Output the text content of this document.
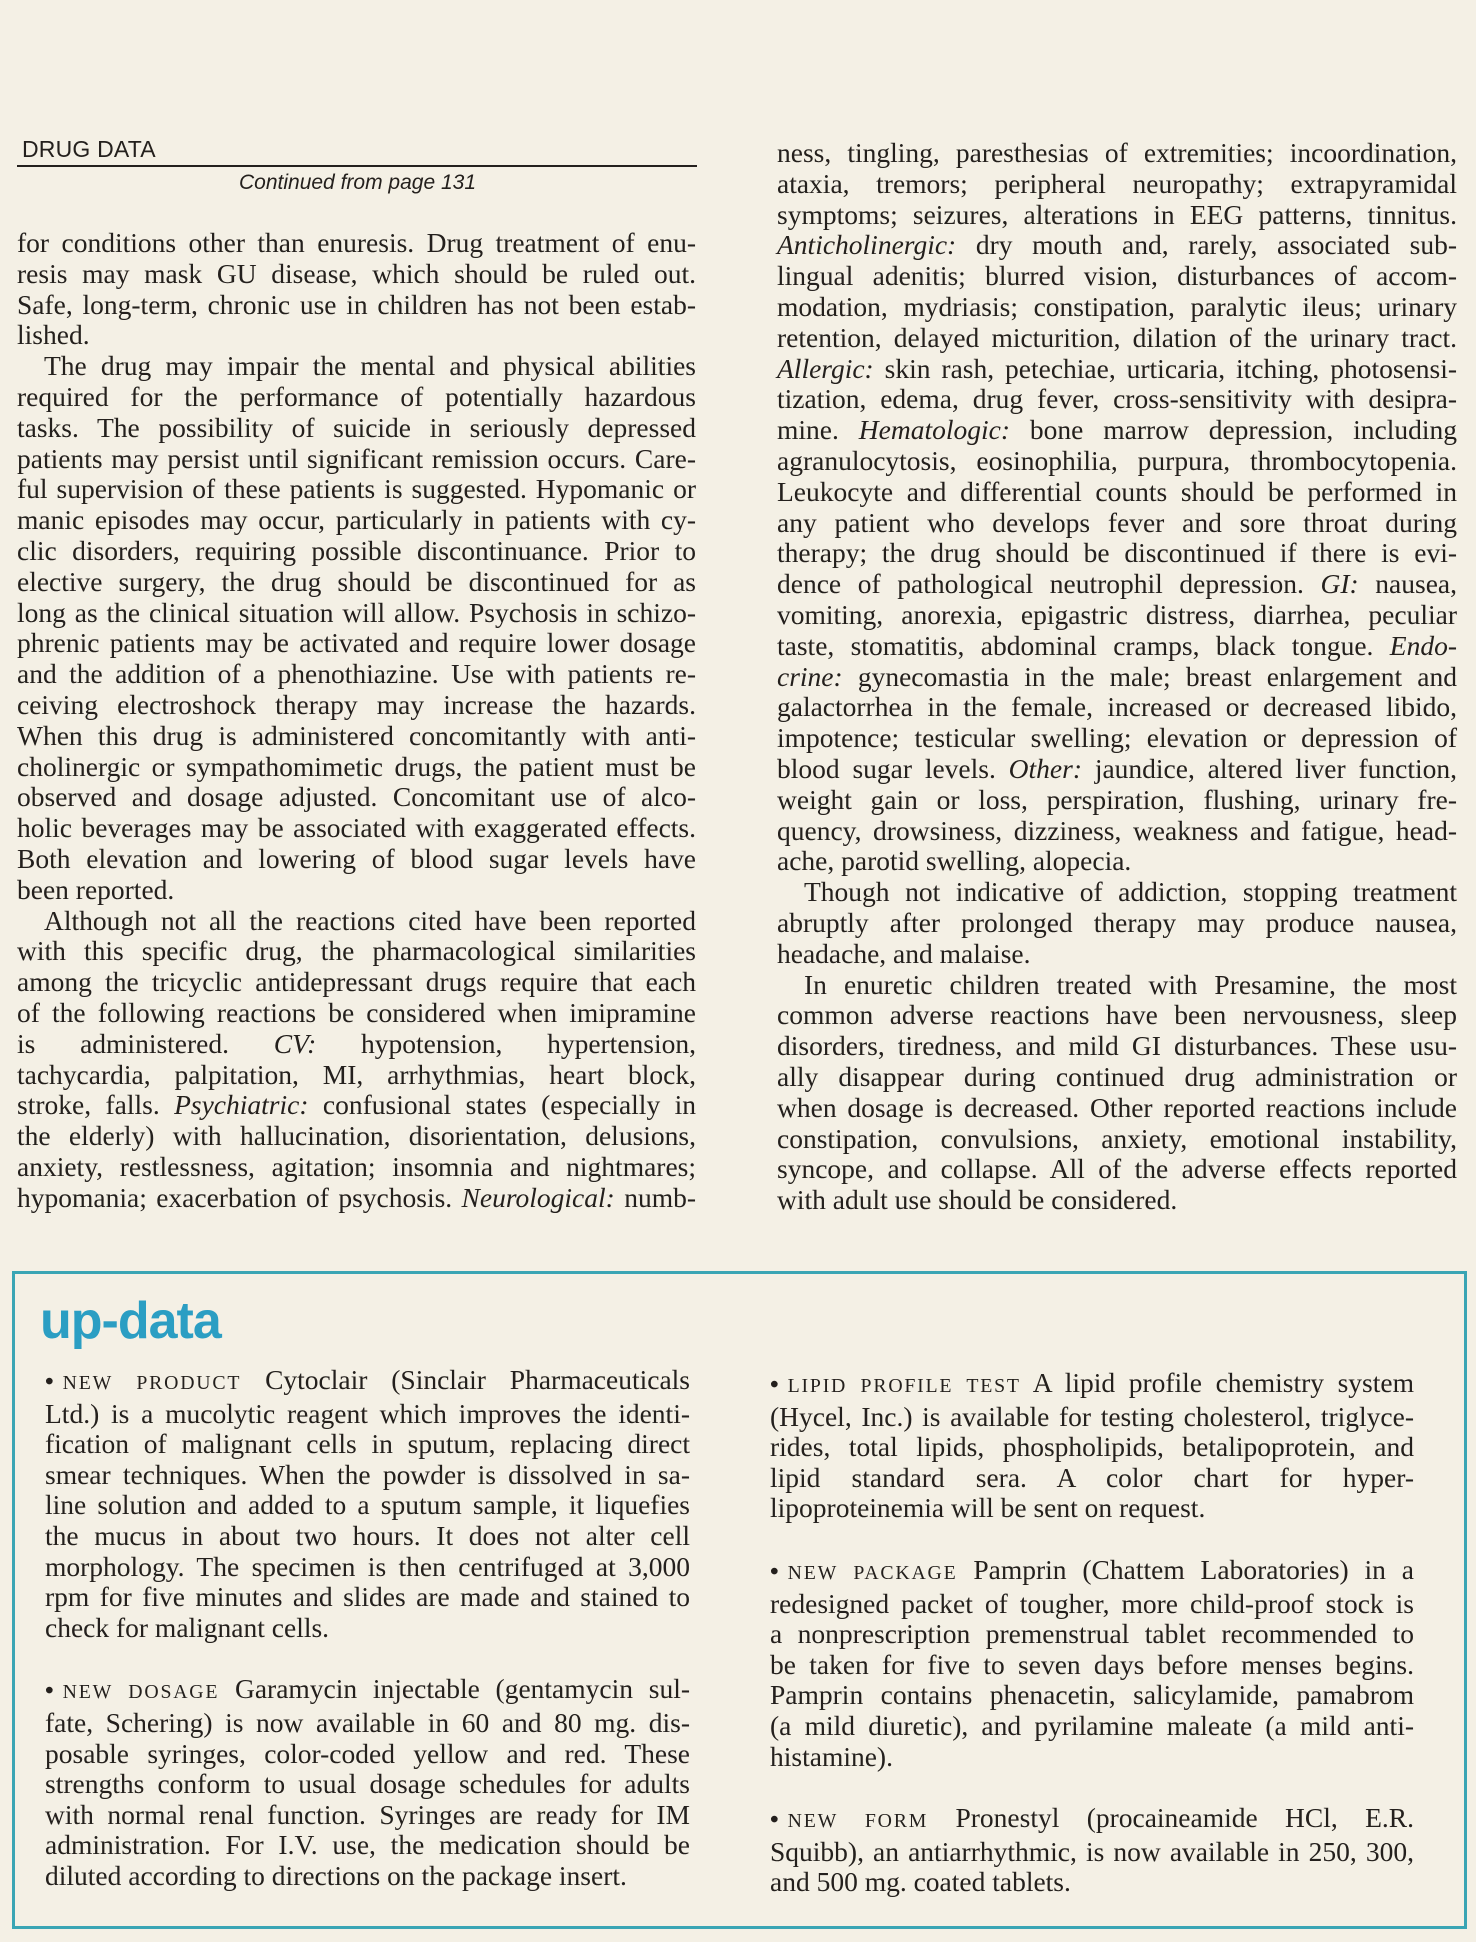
DRUG DATA
Continued from page 131
for conditions other than enuresis. Drug treatment of enu-
resis may mask GU disease, which should be ruled out.
Safe, long-term, chronic use in children has not been estab-
lished.
The drug may impair the mental and physical abilities
required for the performance of potentially hazardous
tasks. The possibility of suicide in seriously depressed
patients may persist until significant remission occurs. Care-
ful supervision of these patients is suggested. Hypomanic or
manic episodes may occur, particularly in patients with cy-
clic disorders, requiring possible discontinuance. Prior to
elective surgery, the drug should be discontinued for as
long as the clinical situation will allow. Psychosis in schizo-
phrenic patients may be activated and require lower dosage
and the addition of a phenothiazine. Use with patients re-
ceiving electroshock therapy may increase the hazards.
When this drug is administered concomitantly with anti-
cholinergic or sympathomimetic drugs, the patient must be
observed and dosage adjusted. Concomitant use of alco-
holic beverages may be associated with exaggerated effects.
Both elevation and lowering of blood sugar levels have
been reported.
Although not all the reactions cited have been reported
with this specific drug, the pharmacological similarities
among the tricyclic antidepressant drugs require that each
of the following reactions be considered when imipramine
is administered. CV: hypotension, hypertension,
tachycardia, palpitation, MI, arrhythmias, heart block,
stroke, falls. Psychiatric: confusional states (especially in
the elderly) with hallucination, disorientation, delusions,
anxiety, restlessness, agitation; insomnia and nightmares;
hypomania; exacerbation of psychosis. Neurological: numb-
ness, tingling, paresthesias of extremities; incoordination,
ataxia, tremors; peripheral neuropathy; extrapyramidal
symptoms; seizures, alterations in EEG patterns, tinnitus.
Anticholinergic: dry mouth and, rarely, associated sub-
lingual adenitis; blurred vision, disturbances of accom-
modation, mydriasis; constipation, paralytic ileus; urinary
retention, delayed micturition, dilation of the urinary tract.
Allergic: skin rash, petechiae, urticaria, itching, photosensi-
tization, edema, drug fever, cross-sensitivity with desipra-
mine. Hematologic: bone marrow depression, including
agranulocytosis, eosinophilia, purpura, thrombocytopenia.
Leukocyte and differential counts should be performed in
any patient who develops fever and sore throat during
therapy; the drug should be discontinued if there is evi-
dence of pathological neutrophil depression. GI: nausea,
vomiting, anorexia, epigastric distress, diarrhea, peculiar
taste, stomatitis, abdominal cramps, black tongue. Endo-
crine: gynecomastia in the male; breast enlargement and
galactorrhea in the female, increased or decreased libido,
impotence; testicular swelling; elevation or depression of
blood sugar levels. Other: jaundice, altered liver function,
weight gain or loss, perspiration, flushing, urinary fre-
quency, drowsiness, dizziness, weakness and fatigue, head-
ache, parotid swelling, alopecia.
Though not indicative of addiction, stopping treatment
abruptly after prolonged therapy may produce nausea,
headache, and malaise.
In enuretic children treated with Presamine, the most
common adverse reactions have been nervousness, sleep
disorders, tiredness, and mild GI disturbances. These usu-
ally disappear during continued drug administration or
when dosage is decreased. Other reported reactions include
constipation, convulsions, anxiety, emotional instability,
syncope, and collapse. All of the adverse effects reported
with adult use should be considered.
up-data
• NEW PRODUCT Cytoclair (Sinclair Pharmaceuticals
Ltd.) is a mucolytic reagent which improves the identi-
fication of malignant cells in sputum, replacing direct
smear techniques. When the powder is dissolved in sa-
line solution and added to a sputum sample, it liquefies
the mucus in about two hours. It does not alter cell
morphology. The specimen is then centrifuged at 3,000
rpm for five minutes and slides are made and stained to
check for malignant cells.
• NEW DOSAGE Garamycin injectable (gentamycin sul-
fate, Schering) is now available in 60 and 80 mg. dis-
posable syringes, color-coded yellow and red. These
strengths conform to usual dosage schedules for adults
with normal renal function. Syringes are ready for IM
administration. For I.V. use, the medication should be
diluted according to directions on the package insert.
• LIPID PROFILE TEST A lipid profile chemistry system
(Hycel, Inc.) is available for testing cholesterol, triglyce-
rides, total lipids, phospholipids, betalipoprotein, and
lipid standard sera. A color chart for hyper-
lipoproteinemia will be sent on request.
• NEW PACKAGE Pamprin (Chattem Laboratories) in a
redesigned packet of tougher, more child-proof stock is
a nonprescription premenstrual tablet recommended to
be taken for five to seven days before menses begins.
Pamprin contains phenacetin, salicylamide, pamabrom
(a mild diuretic), and pyrilamine maleate (a mild anti-
histamine).
• NEW FORM Pronestyl (procaineamide HCl, E.R.
Squibb), an antiarrhythmic, is now available in 250, 300,
and 500 mg. coated tablets.
